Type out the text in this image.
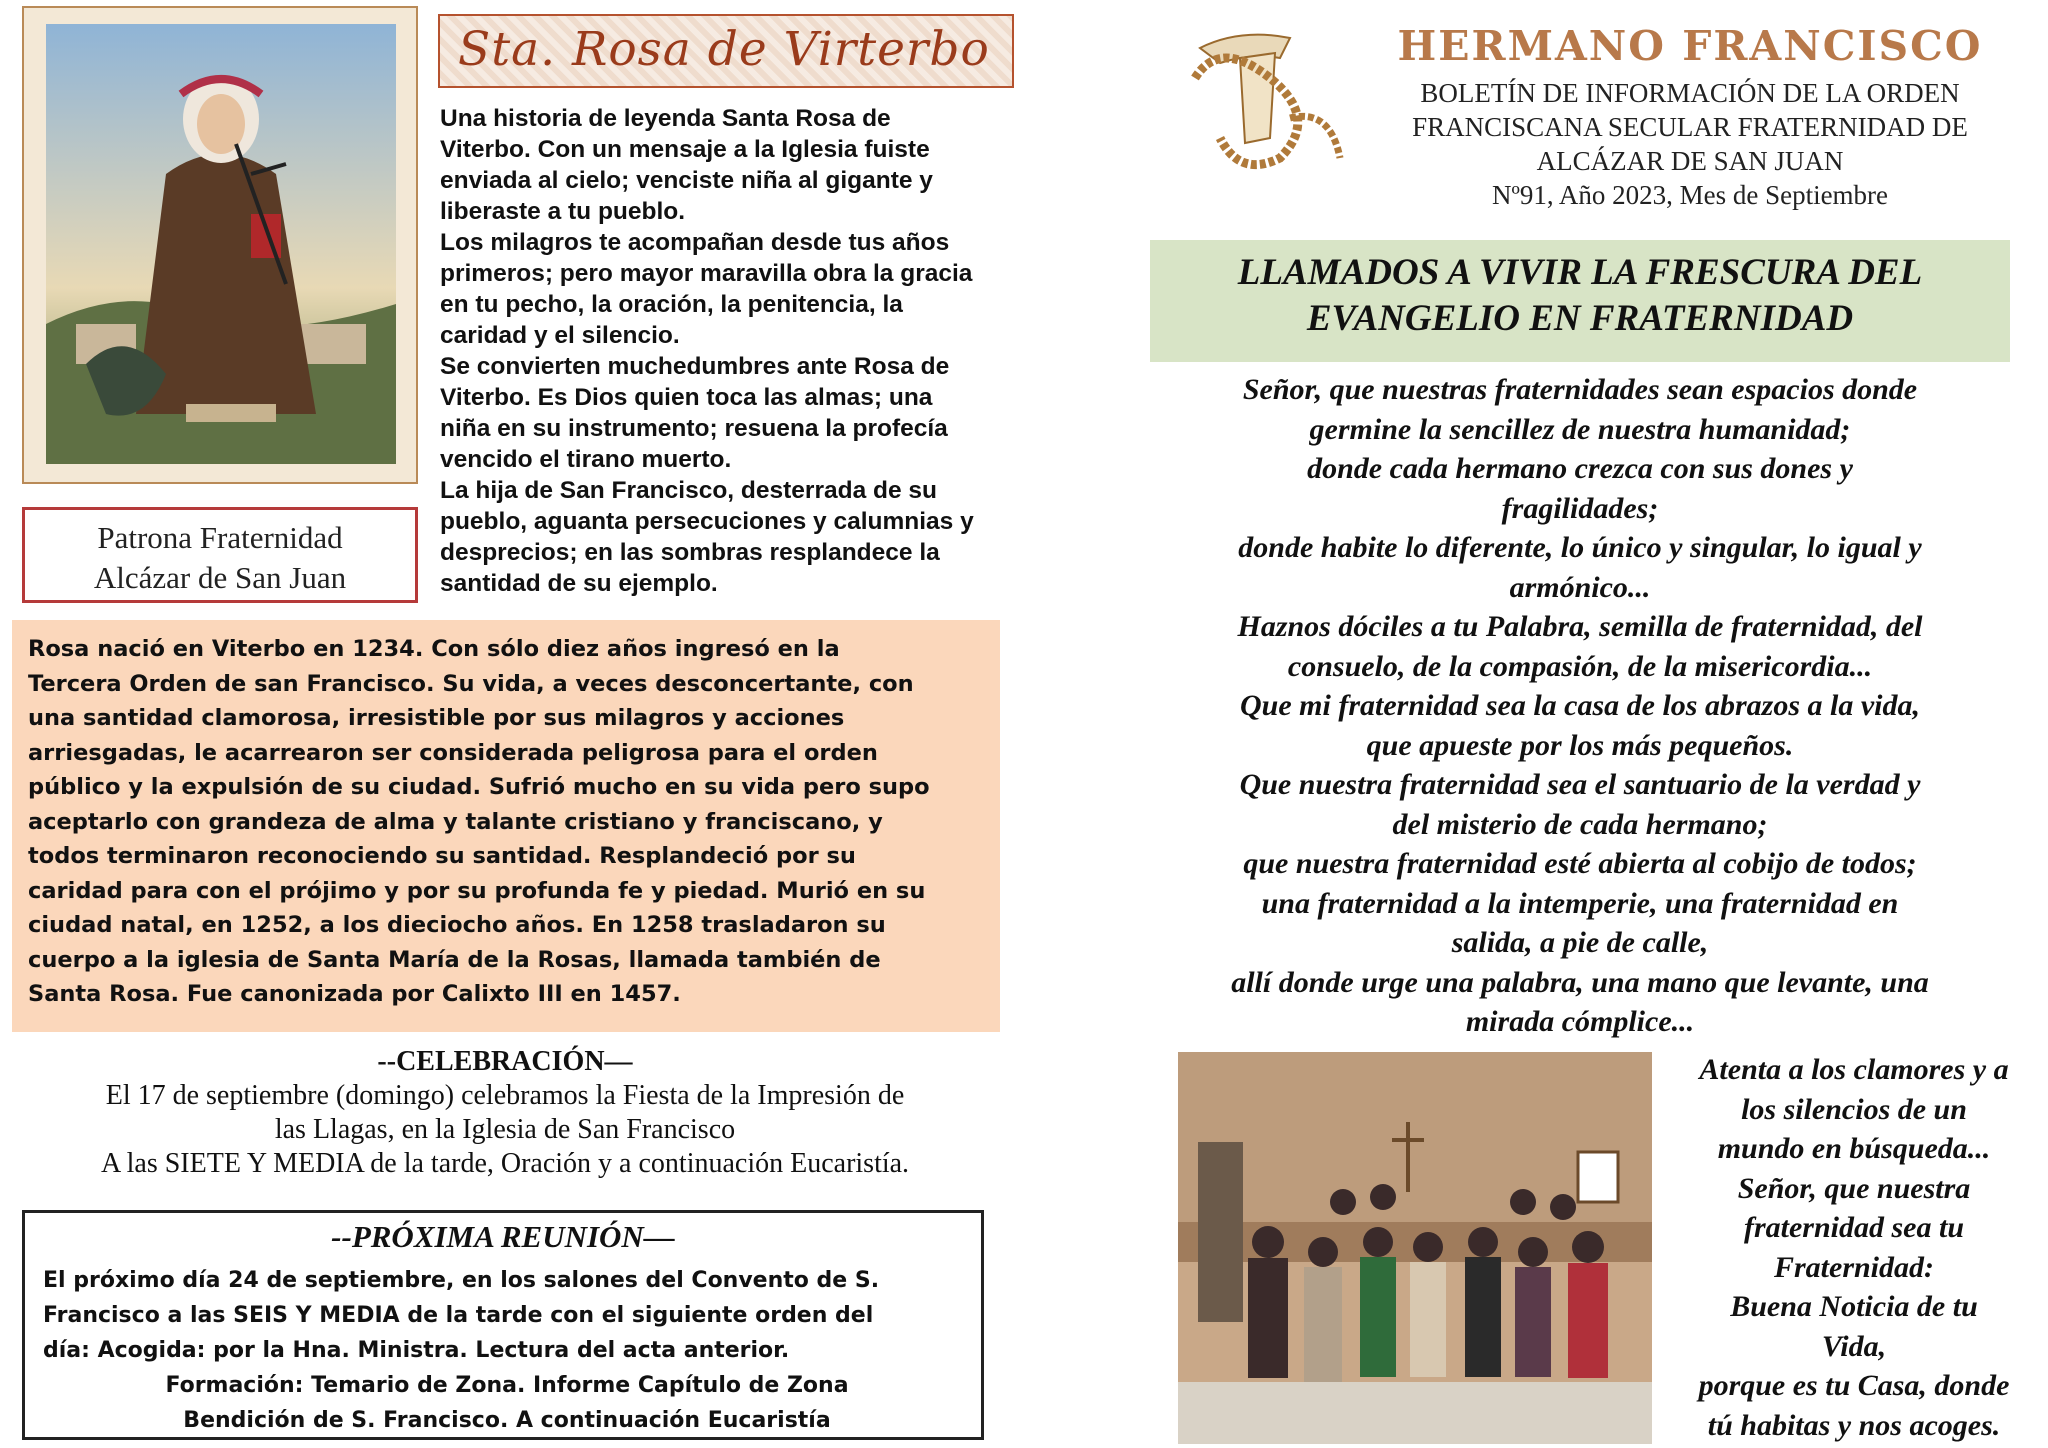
Patrona Fraternidad
Alcázar de San Juan
Sta. Rosa de Virterbo

Una historia de leyenda Santa Rosa de

Viterbo. Con un mensaje a la Iglesia fuiste

enviada al cielo; venciste niña al gigante y

liberaste a tu pueblo.

Los milagros te acompañan desde tus años

primeros; pero mayor maravilla obra la gracia

en tu pecho, la oración, la penitencia, la

caridad y el silencio.

Se convierten muchedumbres ante Rosa de

Viterbo. Es Dios quien toca las almas; una

niña en su instrumento; resuena la profecía

vencido el tirano muerto.

La hija de San Francisco, desterrada de su

pueblo, aguanta persecuciones y calumnias y

desprecios; en las sombras resplandece la

santidad de su ejemplo.

Rosa nació en Viterbo en 1234. Con sólo diez años ingresó en la

Tercera Orden de san Francisco. Su vida, a veces desconcertante, con

una santidad clamorosa, irresistible por sus milagros y acciones

arriesgadas, le acarrearon ser considerada peligrosa para el orden

público y la expulsión de su ciudad. Sufrió mucho en su vida pero supo

aceptarlo con grandeza de alma y talante cristiano y franciscano, y

todos terminaron reconociendo su santidad. Resplandeció por su

caridad para con el prójimo y por su profunda fe y piedad. Murió en su

ciudad natal, en 1252, a los dieciocho años. En 1258 trasladaron su

cuerpo a la iglesia de Santa María de la Rosas, llamada también de

Santa Rosa. Fue canonizada por Calixto III en 1457.

--CELEBRACIÓN—

El 17 de septiembre (domingo) celebramos la Fiesta de la Impresión de

las Llagas, en la Iglesia de San Francisco

A las SIETE Y MEDIA de la tarde, Oración y a continuación Eucaristía.

--PRÓXIMA REUNIÓN—

El próximo día 24 de septiembre, en los salones del Convento de S.

Francisco a las SEIS Y MEDIA de la tarde con el siguiente orden del

día: Acogida: por la Hna. Ministra. Lectura del acta anterior.

Formación: Temario de Zona. Informe Capítulo de Zona

Bendición de S. Francisco. A continuación Eucaristía

HERMANO FRANCISCO
BOLETÍN DE INFORMACIÓN DE LA ORDEN
FRANCISCANA SECULAR FRATERNIDAD DE
ALCÁZAR DE SAN JUAN
Nº91, Año 2023, Mes de Septiembre
LLAMADOS A VIVIR LA FRESCURA DEL
EVANGELIO EN FRATERNIDAD

Señor, que nuestras fraternidades sean espacios donde

germine la sencillez de nuestra humanidad;

donde cada hermano crezca con sus dones y

fragilidades;

donde habite lo diferente, lo único y singular, lo igual y

armónico...

Haznos dóciles a tu Palabra, semilla de fraternidad, del

consuelo, de la compasión, de la misericordia...

Que mi fraternidad sea la casa de los abrazos a la vida,

que apueste por los más pequeños.

Que nuestra fraternidad sea el santuario de la verdad y

del misterio de cada hermano;

que nuestra fraternidad esté abierta al cobijo de todos;

una fraternidad a la intemperie, una fraternidad en

salida, a pie de calle,

allí donde urge una palabra, una mano que levante, una

mirada cómplice...

Atenta a los clamores y a

los silencios de un

mundo en búsqueda...

Señor, que nuestra

fraternidad sea tu

Fraternidad:

Buena Noticia de tu

Vida,

porque es tu Casa, donde

tú habitas y nos acoges.
